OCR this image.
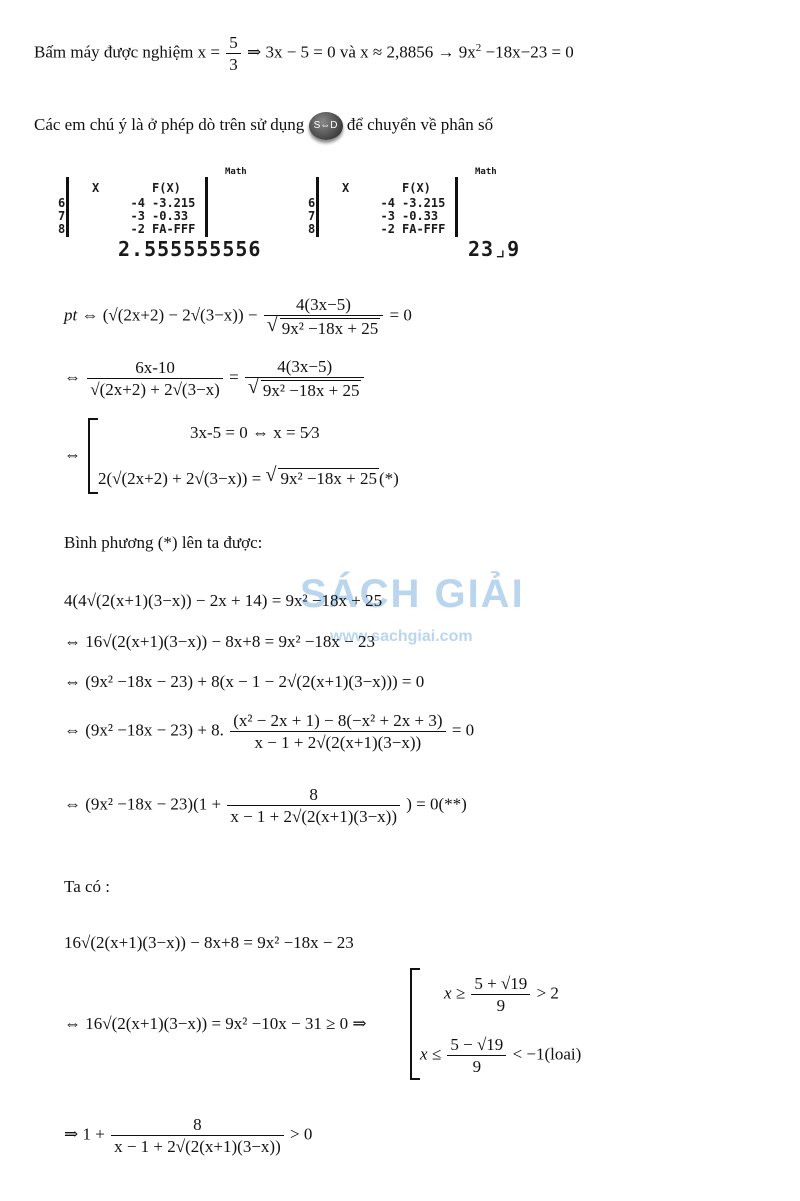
Bấm máy được nghiệm $x = \frac{5}{3}$ ⇒ 3x − 5 = 0 và $x \approx 2,8856 \to 9x^2 -18x-23 = 0$
Các em chú ý là ở phép dò trên sử dụng S⇔D để chuyển về phân số
Math
X	F(X)
6
7
8
-4
-3
-2
-3.215
-0.33
FA-FFF
2.555555556
Math
X	F(X)
6
7
8
-4
-3
-2
-3.215
-0.33
FA-FFF
23⌟9
pt ⇔ (√(2x+2) − 2√(3−x)) − 4(3x−5)
√ 9x² −18x + 25 = 0
⇔ $\frac{6x-10}{√(2x+2) + 2√(3-x)} = 4(3x-5)$
√ 9x² −18x + 25
⇔
3x-5 = 0 ⇔ x = 5⁄3
2(√(2x+2) + 2√(3−x)) = √ 9x² −18x + 25 (*)
Bình phương (*) lên ta được:
SÁCH GIẢI
www.sachgiai.com
4(4√(2(x+1)(3−x)) − 2x + 14) = 9x² −18x + 25
⇔ 16√(2(x+1)(3−x)) − 8x+8 = 9x² −18x − 23
⇔ (9x² −18x − 23) + 8(x − 1 − 2√(2(x+1)(3−x))) = 0
⇔ (9x² −18x − 23) + 8. $\frac{\text{(x² − 2x + 1) − 8(−x² + 2x + 3)}}{x - 1 + 2√(2(x+1)(3-x))} = 0$
⇔ $(9x^2 -18x - 23)(1 + \frac{8}{x - 1 + 2√(2(x+1)(3-x))}$ ) = 0(**)
Ta có :
16√(2(x+1)(3−x)) − 8x+8 = 9x² −18x − 23
⇔ 16√(2(x+1)(3−x)) = 9x² −10x − 31 ≥ 0 ⇒
$x \ge \frac{5 + √19}{9} > 2$
$x \le \frac{5 - √19}{9}$ < −1(loai)
⇒ $1 + \frac{8}{x - 1 + 2√(2(x+1)(3-x))} > 0$
